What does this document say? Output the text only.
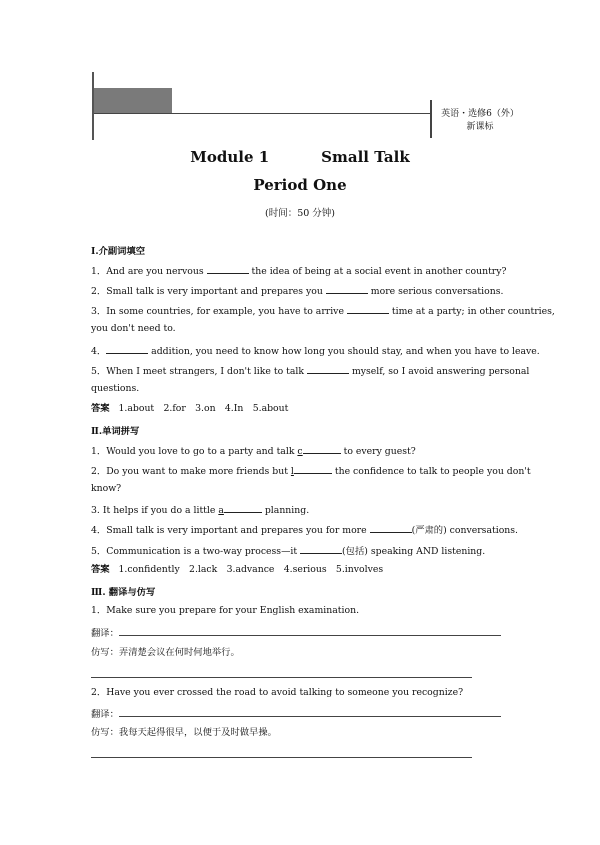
英语・选修6（外）
新课标
Module 1	Small Talk
Period One
(时间：50 分钟)
Ⅰ.介副词填空
1．And are you nervous	the idea of being at a social event in another country?
2．Small talk is very important and prepares you	more serious conversations.
3．In some countries, for example, you have to arrive	time at a party; in other countries,
you don't need to.
4．	addition, you need to know how long you should stay, and when you have to leave.
5．When I meet strangers, I don't like to talk	myself, so I avoid answering personal
questions.
答案 1.about　2.for　3.on　4.In　5.about
Ⅱ.单词拼写
1．Would you love to go to a party and talk c	to every guest?
2．Do you want to make more friends but l	the confidence to talk to people you don't
know?
3. It helps if you do a little a	planning.
4．Small talk is very important and prepares you for more	(严肃的) conversations.
5．Communication is a two-way process—it	(包括) speaking AND listening.
答案 1.confidently　2.lack　3.advance　4.serious　5.involves
Ⅲ. 翻译与仿写
1．Make sure you prepare for your English examination.
翻译：
仿写：弄清楚会议在何时何地举行。
2．Have you ever crossed the road to avoid talking to someone you recognize?
翻译：
仿写：我每天起得很早，以便于及时做早操。
